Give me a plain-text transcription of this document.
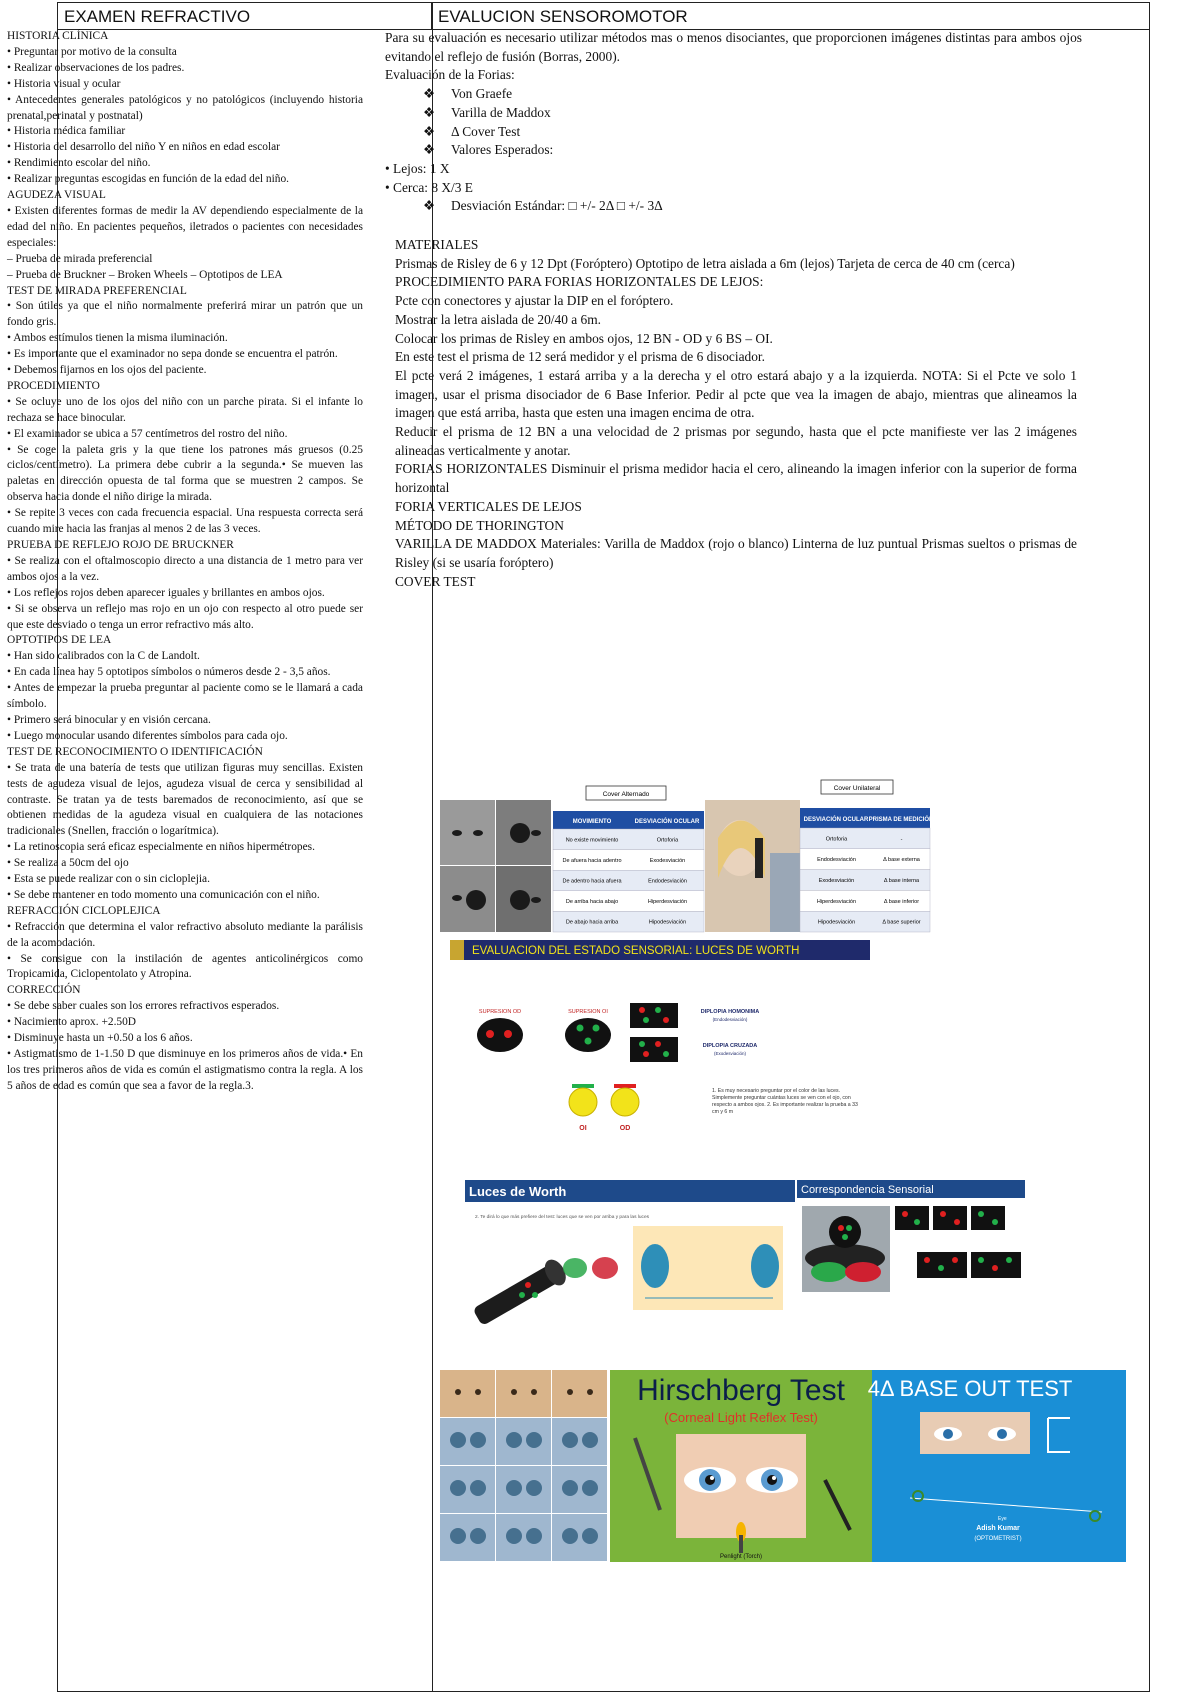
EXAMEN REFRACTIVO	EVALUCION SENSOROMOTOR
HISTORIA CLÍNICA
• Preguntar por motivo de la consulta
• Realizar observaciones de los padres.
• Historia visual y ocular
• Antecedentes generales patológicos y no patológicos (incluyendo historia prenatal,perinatal y postnatal)
• Historia médica familiar
• Historia del desarrollo del niño Y en niños en edad escolar
• Rendimiento escolar del niño.
• Realizar preguntas escogidas en función de la edad del niño.
AGUDEZA VISUAL
• Existen diferentes formas de medir la AV dependiendo especialmente de la edad del niño. En pacientes pequeños, iletrados o pacientes con necesidades especiales:
– Prueba de mirada preferencial
– Prueba de Bruckner – Broken Wheels – Optotipos de LEA
TEST DE MIRADA PREFERENCIAL
• Son útiles ya que el niño normalmente preferirá mirar un patrón que un fondo gris.
• Ambos estímulos tienen la misma iluminación.
• Es importante que el examinador no sepa donde se encuentra el patrón.
• Debemos fijarnos en los ojos del paciente.
PROCEDIMIENTO
• Se ocluye uno de los ojos del niño con un parche pirata. Si el infante lo rechaza se hace binocular.
• El examinador se ubica a 57 centímetros del rostro del niño.
• Se coge la paleta gris y la que tiene los patrones más gruesos (0.25 ciclos/centímetro). La primera debe cubrir a la segunda.• Se mueven las paletas en dirección opuesta de tal forma que se muestren 2 campos. Se observa hacia donde el niño dirige la mirada.
• Se repite 3 veces con cada frecuencia espacial. Una respuesta correcta será cuando mire hacia las franjas al menos 2 de las 3 veces.
PRUEBA DE REFLEJO ROJO DE BRUCKNER
• Se realiza con el oftalmoscopio directo a una distancia de 1 metro para ver ambos ojos a la vez.
• Los reflejos rojos deben aparecer iguales y brillantes en ambos ojos.
• Si se observa un reflejo mas rojo en un ojo con respecto al otro puede ser que este desviado o tenga un error refractivo más alto.
OPTOTIPOS DE LEA
• Han sido calibrados con la C de Landolt.
• En cada línea hay 5 optotipos símbolos o números desde 2 - 3,5 años.
• Antes de empezar la prueba preguntar al paciente como se le llamará a cada símbolo.
• Primero será binocular y en visión cercana.
• Luego monocular usando diferentes símbolos para cada ojo.
TEST DE RECONOCIMIENTO O IDENTIFICACIÓN
• Se trata de una batería de tests que utilizan figuras muy sencillas. Existen tests de agudeza visual de lejos, agudeza visual de cerca y sensibilidad al contraste. Se tratan ya de tests baremados de reconocimiento, así que se obtienen medidas de la agudeza visual en cualquiera de las notaciones tradicionales (Snellen, fracción o logarítmica).
• La retinoscopia será eficaz especialmente en niños hipermétropes.
• Se realiza a 50cm del ojo
• Esta se puede realizar con o sin cicloplejia.
• Se debe mantener en todo momento una comunicación con el niño.
REFRACCIÓN CICLOPLEJICA
• Refracción que determina el valor refractivo absoluto mediante la parálisis de la acomodación.
• Se consigue con la instilación de agentes anticolinérgicos como Tropicamida, Ciclopentolato y Atropina.
CORRECCIÓN
• Se debe saber cuales son los errores refractivos esperados.
• Nacimiento aprox. +2.50D
• Disminuye hasta un +0.50 a los 6 años.
• Astigmatismo de 1-1.50 D que disminuye en los primeros años de vida.• En los tres primeros años de vida es común el astigmatismo contra la regla. A los 5 años de edad es común que sea a favor de la regla.3.
Para su evaluación es necesario utilizar métodos mas o menos disociantes, que proporcionen imágenes distintas para ambos ojos evitando el reflejo de fusión (Borras, 2000).
Evaluación de la Forias:
❖ Von Graefe
❖ Varilla de Maddox
❖ Δ Cover Test
❖ Valores Esperados:
• Lejos: 1 X
• Cerca: 8 X/3 E
❖ Desviación Estándar: □ +/- 2Δ □ +/- 3Δ
MATERIALES
Prismas de Risley de 6 y 12 Dpt (Foróptero) Optotipo de letra aislada a 6m (lejos) Tarjeta de cerca de 40 cm (cerca)
PROCEDIMIENTO PARA FORIAS HORIZONTALES DE LEJOS:
Pcte con conectores y ajustar la DIP en el foróptero.
Mostrar la letra aislada de 20/40 a 6m.
Colocar los primas de Risley en ambos ojos, 12 BN - OD y 6 BS – OI.
En este test el prisma de 12 será medidor y el prisma de 6 disociador.
El pcte verá 2 imágenes, 1 estará arriba y a la derecha y el otro estará abajo y a la izquierda. NOTA: Si el Pcte ve solo 1 imagen, usar el prisma disociador de 6 Base Inferior. Pedir al pcte que vea la imagen de abajo, mientras que alineamos la imagen que está arriba, hasta que esten una imagen encima de otra.
Reducir el prisma de 12 BN a una velocidad de 2 prismas por segundo, hasta que el pcte manifieste ver las 2 imágenes alineadas verticalmente y anotar.
FORIAS HORIZONTALES Disminuir el prisma medidor hacia el cero, alineando la imagen inferior con la superior de forma horizontal
FORIA VERTICALES DE LEJOS
MÉTODO DE THORINGTON
VARILLA DE MADDOX Materiales: Varilla de Maddox (rojo o blanco) Linterna de luz puntual Prismas sueltos o prismas de Risley (si se usaría foróptero)
COVER TEST
Cover Alternado
MOVIMIENTO	DESVIACIÓN OCULAR
No existe movimiento	Ortoforia
De afuera hacia adentro	Exodesviación
De adentro hacia afuera	Endodesviación
De arriba hacia abajo	Hiperdesviación
De abajo hacia arriba	Hipodesviación
Cover Unilateral
DESVIACIÓN OCULAR PRISMA DE MEDICIÓN
Ortoforia	-
Endodesviación	Δ base externa
Exodesviación	Δ base interna
Hiperdesviación	Δ base inferior
Hipodesviación	Δ base superior
EVALUACION DEL ESTADO SENSORIAL: LUCES DE WORTH
SUPRESION OD	SUPRESION OI	DIPLOPIA HOMONIMA
(Endodesviación)
DIPLOPIA CRUZADA
(Exodesviación)
OI	OD
1. Es muy necesario preguntar por el color de las luces. Simplemente preguntar cuántas luces se ven con el ojo, con respecto a ambos ojos. 2. Es importante realizar la prueba a 33 cm y 6 m
Luces de Worth	Correspondencia Sensorial
2. Te dirá lo que más prefiere del test: luces que se ven por arriba y para las luces
Hirschberg Test
(Corneal Light Reflex Test)
Penlight (Torch)
4Δ BASE OUT TEST
Eye
Adish Kumar
(OPTOMETRIST)
